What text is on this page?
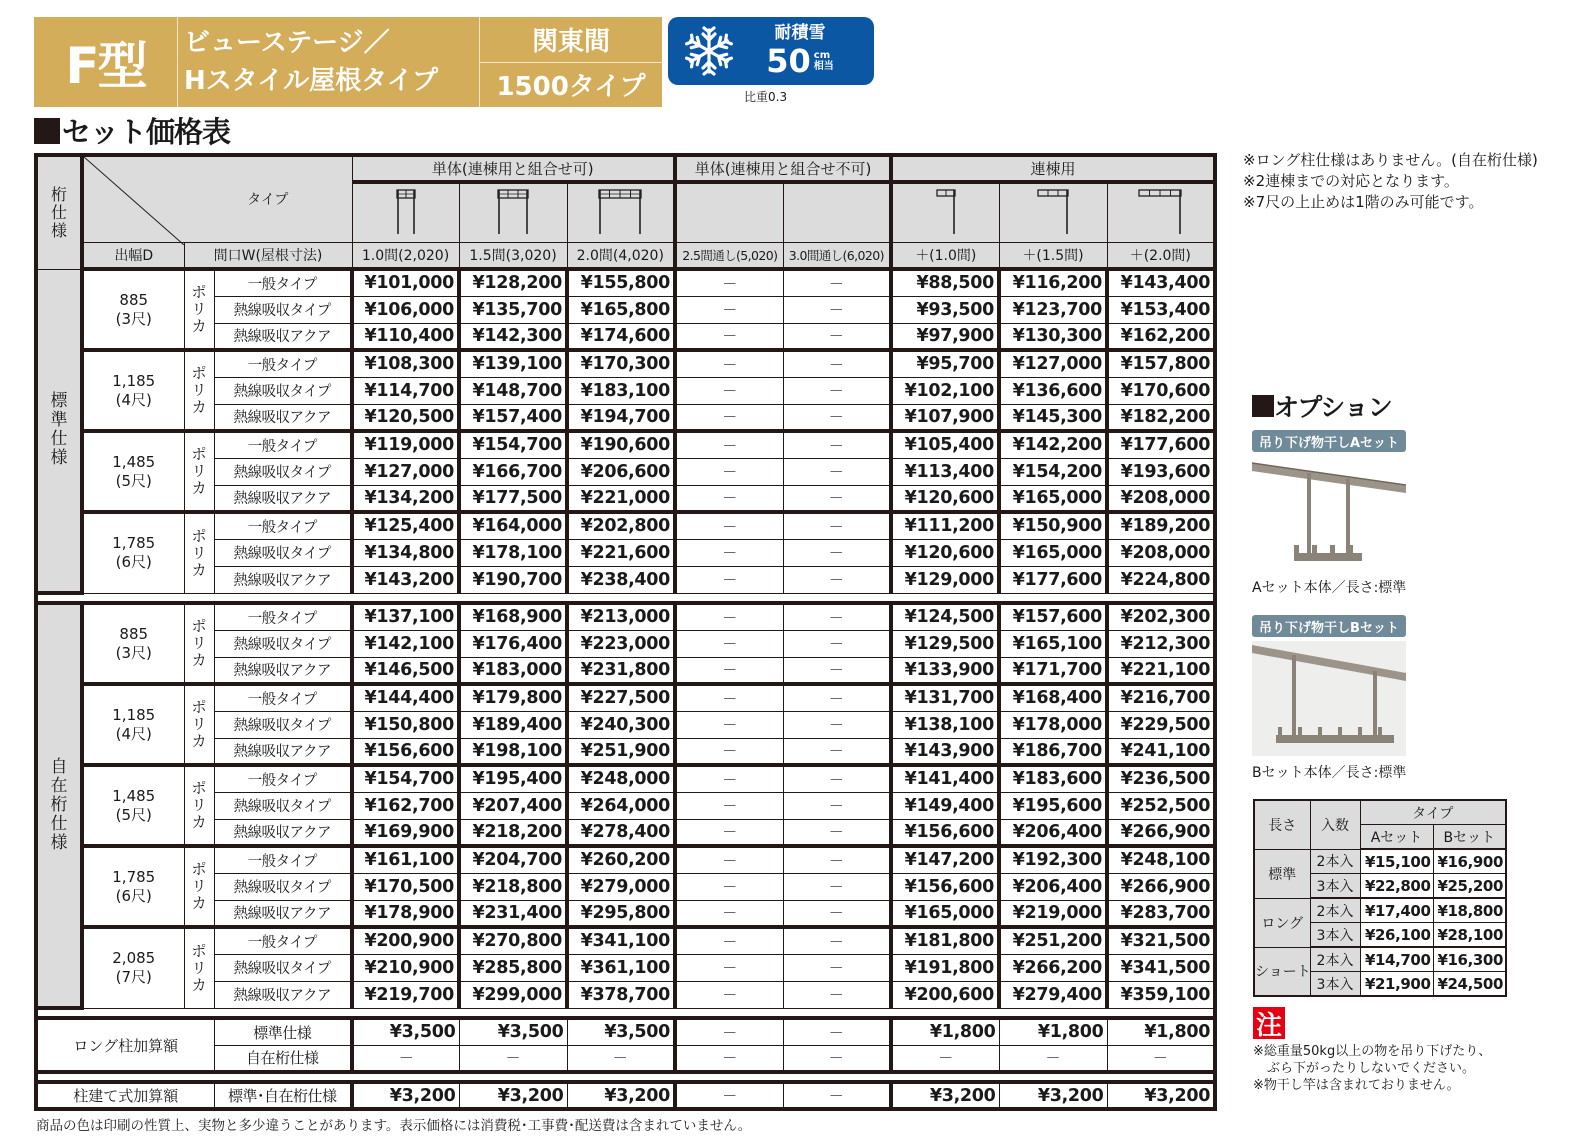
F型	ビューステージ／
Hスタイル屋根タイプ
関東間
1500タイプ
耐積雪
50 cm
相当
比重0.3
セット価格表
桁
仕
様	タイプ			単体(連棟用と組合せ可)			単体(連棟用と組合せ不可)		連棟用		

	出幅D	間口W(屋根寸法)		1.0間(2,020)	1.5間(3,020)	2.0間(4,020)	2.5間通し(5,020)	3.0間通し(6,020)	＋(1.0間)	＋(1.5間)	＋(2.0間)

標
準
仕
様

885
(3尺)

ポ
リ
カ
	一般タイプ	¥101,000	¥128,200	¥155,800	－	－	¥88,500	¥116,200	¥143,400
			熱線吸収タイプ	¥106,000	¥135,700	¥165,800	－	－	¥93,500	¥123,700	¥153,400
			熱線吸収アクア	¥110,400	¥142,300	¥174,600	－	－	¥97,900	¥130,300	¥162,200

1,185
(4尺)

ポ
リ
カ
	一般タイプ	¥108,300	¥139,100	¥170,300	－	－	¥95,700	¥127,000	¥157,800
			熱線吸収タイプ	¥114,700	¥148,700	¥183,100	－	－	¥102,100	¥136,600	¥170,600
			熱線吸収アクア	¥120,500	¥157,400	¥194,700	－	－	¥107,900	¥145,300	¥182,200

1,485
(5尺)

ポ
リ
カ
	一般タイプ	¥119,000	¥154,700	¥190,600	－	－	¥105,400	¥142,200	¥177,600
			熱線吸収タイプ	¥127,000	¥166,700	¥206,600	－	－	¥113,400	¥154,200	¥193,600
			熱線吸収アクア	¥134,200	¥177,500	¥221,000	－	－	¥120,600	¥165,000	¥208,000

1,785
(6尺)

ポ
リ
カ
	一般タイプ	¥125,400	¥164,000	¥202,800	－	－	¥111,200	¥150,900	¥189,200
			熱線吸収タイプ	¥134,800	¥178,100	¥221,600	－	－	¥120,600	¥165,000	¥208,000
			熱線吸収アクア	¥143,200	¥190,700	¥238,400	－	－	¥129,000	¥177,600	¥224,800

自
在
桁
仕
様

885
(3尺)

ポ
リ
カ
	一般タイプ	¥137,100	¥168,900	¥213,000	－	－	¥124,500	¥157,600	¥202,300
			熱線吸収タイプ	¥142,100	¥176,400	¥223,000	－	－	¥129,500	¥165,100	¥212,300
			熱線吸収アクア	¥146,500	¥183,000	¥231,800	－	－	¥133,900	¥171,700	¥221,100

1,185
(4尺)

ポ
リ
カ
	一般タイプ	¥144,400	¥179,800	¥227,500	－	－	¥131,700	¥168,400	¥216,700
			熱線吸収タイプ	¥150,800	¥189,400	¥240,300	－	－	¥138,100	¥178,000	¥229,500
			熱線吸収アクア	¥156,600	¥198,100	¥251,900	－	－	¥143,900	¥186,700	¥241,100

1,485
(5尺)

ポ
リ
カ
	一般タイプ	¥154,700	¥195,400	¥248,000	－	－	¥141,400	¥183,600	¥236,500
			熱線吸収タイプ	¥162,700	¥207,400	¥264,000	－	－	¥149,400	¥195,600	¥252,500
			熱線吸収アクア	¥169,900	¥218,200	¥278,400	－	－	¥156,600	¥206,400	¥266,900

1,785
(6尺)

ポ
リ
カ
	一般タイプ	¥161,100	¥204,700	¥260,200	－	－	¥147,200	¥192,300	¥248,100
			熱線吸収タイプ	¥170,500	¥218,800	¥279,000	－	－	¥156,600	¥206,400	¥266,900
			熱線吸収アクア	¥178,900	¥231,400	¥295,800	－	－	¥165,000	¥219,000	¥283,700

2,085
(7尺)

ポ
リ
カ
	一般タイプ	¥200,900	¥270,800	¥341,100	－	－	¥181,800	¥251,200	¥321,500
			熱線吸収タイプ	¥210,900	¥285,800	¥361,100	－	－	¥191,800	¥266,200	¥341,500
			熱線吸収アクア	¥219,700	¥299,000	¥378,700	－	－	¥200,600	¥279,400	¥359,100

ロング柱加算額			標準仕様	¥3,500	¥3,500	¥3,500	－	－	¥1,800	¥1,800	¥1,800
			自在桁仕様	－	－	－	－	－	－	－	－

柱建て式加算額			標準･自在桁仕様	¥3,200	¥3,200	¥3,200	－	－	¥3,200	¥3,200	¥3,200
※ロング柱仕様はありません。(自在桁仕様)
※2連棟までの対応となります。
※7尺の上止めは1階のみ可能です。
オプション
吊り下げ物干しAセット
Aセット本体／長さ:標準
吊り下げ物干しBセット
Bセット本体／長さ:標準
長さ	入数	タイプ	
		Aセット	Bセット
標準	2本入	¥15,100	¥16,900
	3本入	¥22,800	¥25,200
ロング	2本入	¥17,400	¥18,800
	3本入	¥26,100	¥28,100
ショート	2本入	¥14,700	¥16,300
	3本入	¥21,900	¥24,500
注
※総重量50kg以上の物を吊り下げたり、
ぶら下がったりしないでください。
※物干し竿は含まれておりません。
商品の色は印刷の性質上、実物と多少違うことがあります。表示価格には消費税･工事費･配送費は含まれていません。
